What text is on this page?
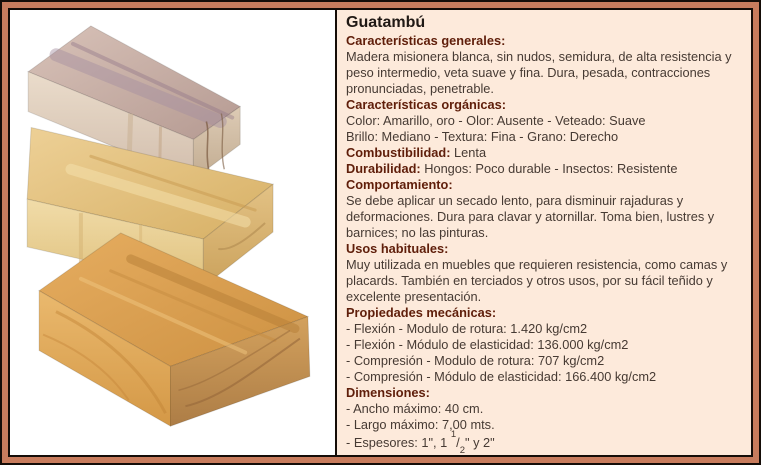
Guatambú
Características generales:
Madera misionera blanca, sin nudos, semidura, de alta resistencia y peso intermedio, veta suave y fina. Dura, pesada, contracciones pronunciadas, penetrable.
Características orgánicas:
Color: Amarillo, oro - Olor: Ausente - Veteado: Suave
Brillo: Mediano - Textura: Fina - Grano: Derecho
Combustibilidad: Lenta
Durabilidad: Hongos: Poco durable - Insectos: Resistente
Comportamiento:
Se debe aplicar un secado lento, para disminuir rajaduras y deformaciones. Dura para clavar y atornillar. Toma bien, lustres y barnices; no las pinturas.
Usos habituales:
Muy utilizada en muebles que requieren resistencia, como camas y placards. También en terciados y otros usos, por su fácil teñido y excelente presentación.
Propiedades mecánicas:
- Flexión - Modulo de rotura: 1.420 kg/cm2
- Flexión - Módulo de elasticidad: 136.000 kg/cm2
- Compresión - Modulo de rotura: 707 kg/cm2
- Compresión - Módulo de elasticidad: 166.400 kg/cm2
Dimensiones:
- Ancho máximo: 40 cm.
- Largo máximo: 7,00 mts.
- Espesores: 1", 1 $^1/_2$" y 2"
